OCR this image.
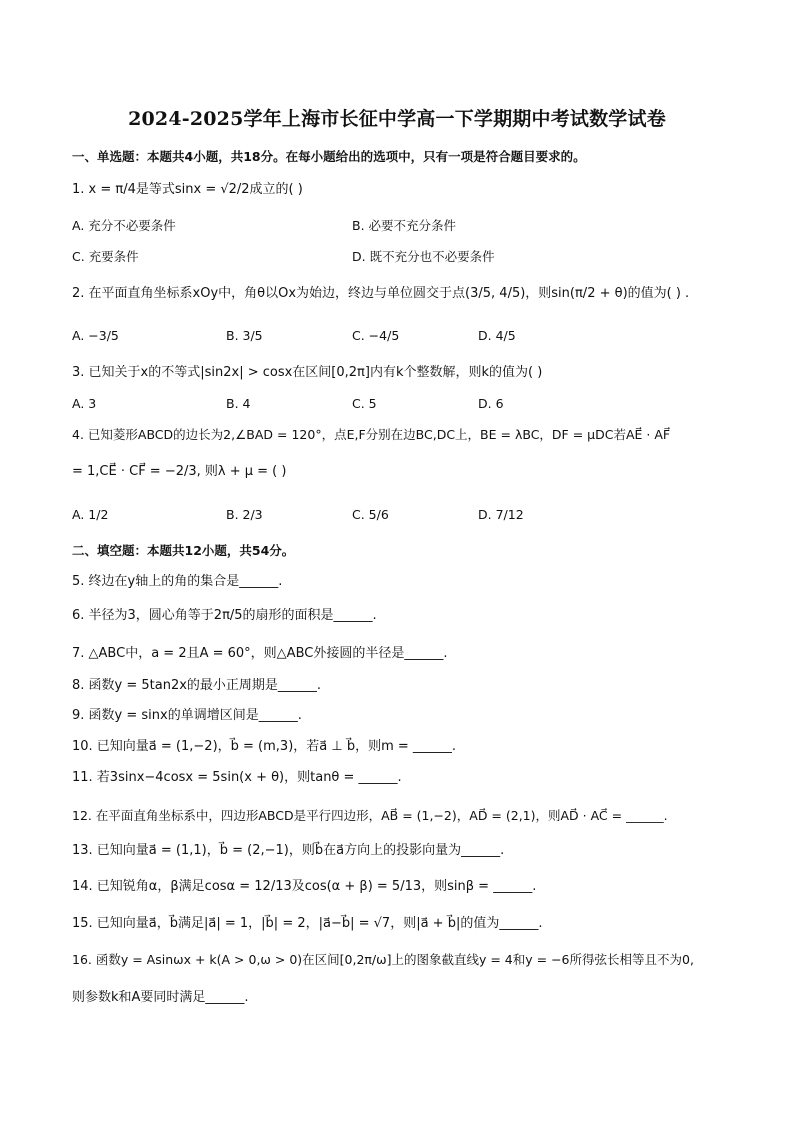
2024-2025学年上海市长征中学高一下学期期中考试数学试卷
一、单选题：本题共4小题，共18分。在每小题给出的选项中，只有一项是符合题目要求的。
1. x = π/4是等式sinx = √2/2成立的( )
A. 充分不必要条件	B. 必要不充分条件
C. 充要条件	D. 既不充分也不必要条件
2. 在平面直角坐标系xOy中，角θ以Ox为始边，终边与单位圆交于点(3/5, 4/5)，则sin(π/2 + θ)的值为( ) .
A. −3/5	B. 3/5	C. −4/5	D. 4/5
3. 已知关于x的不等式|sin2x| > cosx在区间[0,2π]内有k个整数解，则k的值为( )
A. 3	B. 4	C. 5	D. 6
4. 已知菱形ABCD的边长为2,∠BAD = 120°，点E,F分别在边BC,DC上，BE = λBC，DF = μDC若AE⃗ · AF⃗
= 1,CE⃗ · CF⃗ = −2/3, 则λ + μ = ( )
A. 1/2	B. 2/3	C. 5/6	D. 7/12
二、填空题：本题共12小题，共54分。
5. 终边在y轴上的角的集合是______.
6. 半径为3，圆心角等于2π/5的扇形的面积是______.
7. △ABC中，a = 2且A = 60°，则△ABC外接圆的半径是______.
8. 函数y = 5tan2x的最小正周期是______.
9. 函数y = sinx的单调增区间是______.
10. 已知向量a⃗ = (1,−2)，b⃗ = (m,3)，若a⃗ ⊥ b⃗，则m = ______.
11. 若3sinx−4cosx = 5sin(x + θ)，则tanθ = ______.
12. 在平面直角坐标系中，四边形ABCD是平行四边形，AB⃗ = (1,−2)，AD⃗ = (2,1)，则AD⃗ · AC⃗ = ______.
13. 已知向量a⃗ = (1,1)，b⃗ = (2,−1)，则b⃗在a⃗方向上的投影向量为______.
14. 已知锐角α，β满足cosα = 12/13及cos(α + β) = 5/13，则sinβ = ______.
15. 已知向量a⃗，b⃗满足|a⃗| = 1，|b⃗| = 2，|a⃗−b⃗| = √7，则|a⃗ + b⃗|的值为______.
16. 函数y = Asinωx + k(A > 0,ω > 0)在区间[0,2π/ω]上的图象截直线y = 4和y = −6所得弦长相等且不为0,
则参数k和A要同时满足______.
